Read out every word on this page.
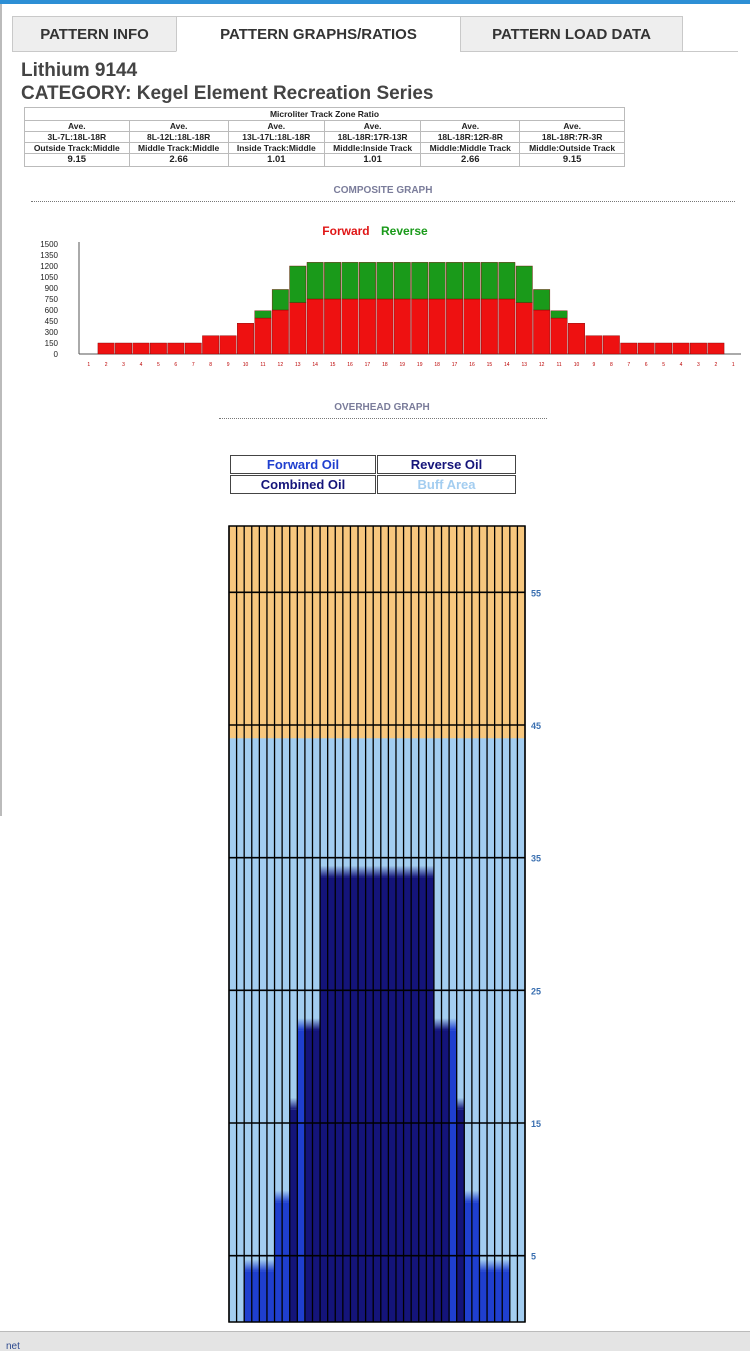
PATTERN INFO	PATTERN GRAPHS/RATIOS	PATTERN LOAD DATA
Lithium 9144
CATEGORY: Kegel Element Recreation Series
Microliter Track Zone Ratio					
Ave.	Ave.	Ave.	Ave.	Ave.	Ave.
3L-7L:18L-18R	8L-12L:18L-18R	13L-17L:18L-18R	18L-18R:17R-13R	18L-18R:12R-8R	18L-18R:7R-3R
Outside Track:Middle	Middle Track:Middle	Inside Track:Middle	Middle:Inside Track	Middle:Middle Track	Middle:Outside Track
9.15	2.66	1.01	1.01	2.66	9.15
COMPOSITE GRAPH
Forward Reverse
1500
1350
1200
1050
900
750
600
450
300
150
0
1	2	3	4	5	6	7	8	9	10 11 12 13 14 15 16 17 18 19 19 18 17 16 15 14 13 12 11 10	9	8	7	6	5	4	3	2	1
OVERHEAD GRAPH
Forward Oil	Reverse Oil
Combined Oil	Buff Area
55
45
35
25
15
5
net
